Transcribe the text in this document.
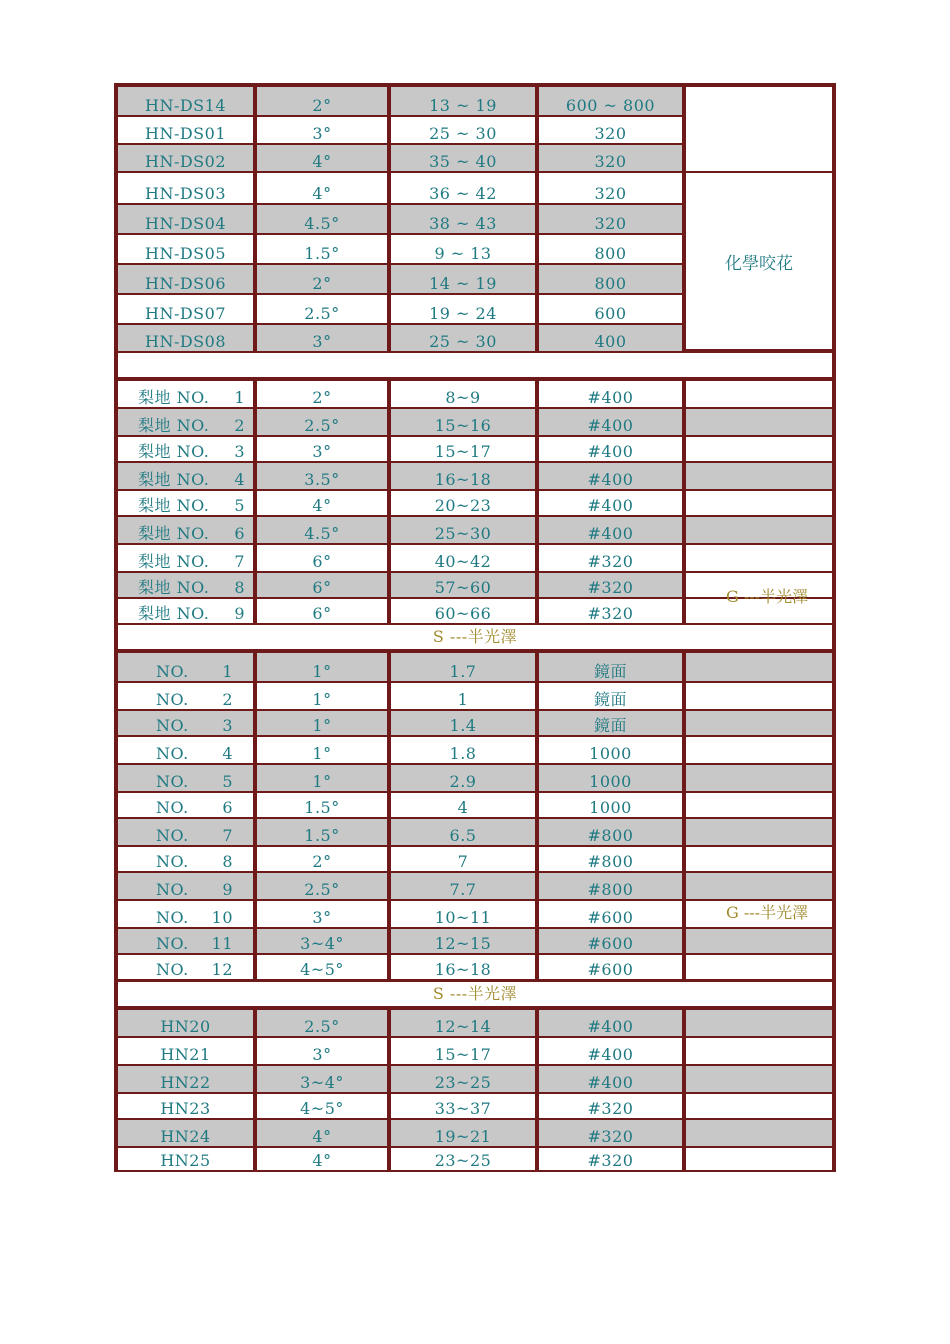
HN-DS14	2°	13 ~ 19	600 ~ 800
HN-DS01	3°	25 ~ 30	320
HN-DS02	4°	35 ~ 40	320
HN-DS03	4°	36 ~ 42	320
HN-DS04	4.5°	38 ~ 43	320
HN-DS05	1.5°	9 ~ 13	800
HN-DS06	2°	14 ~ 19	800
HN-DS07	2.5°	19 ~ 24	600
HN-DS08	3°	25 ~ 30	400
化學咬花
梨地 NO. 1	2°	8~9	#400
梨地 NO. 2	2.5°	15~16	#400
梨地 NO. 3	3°	15~17	#400
梨地 NO. 4	3.5°	16~18	#400
梨地 NO. 5	4°	20~23	#400
梨地 NO. 6	4.5°	25~30	#400
梨地 NO. 7	6°	40~42	#320
梨地 NO. 8	6°	57~60	#320
梨地 NO. 9	6°	60~66	#320
G ---半光澤
S ---半光澤
NO. 1	1°	1.7	鏡面
NO. 2	1°	1	鏡面
NO. 3	1°	1.4	鏡面
NO. 4	1°	1.8	1000
NO. 5	1°	2.9	1000
NO. 6	1.5°	4	1000
NO. 7	1.5°	6.5	#800
NO. 8	2°	7	#800
NO. 9	2.5°	7.7	#800
NO. 10	3°	10~11	#600
NO. 11	3~4°	12~15	#600
NO. 12	4~5°	16~18	#600
G ---半光澤
S ---半光澤
HN20	2.5°	12~14	#400
HN21	3°	15~17	#400
HN22	3~4°	23~25	#400
HN23	4~5°	33~37	#320
HN24	4°	19~21	#320
HN25	4°	23~25	#320
